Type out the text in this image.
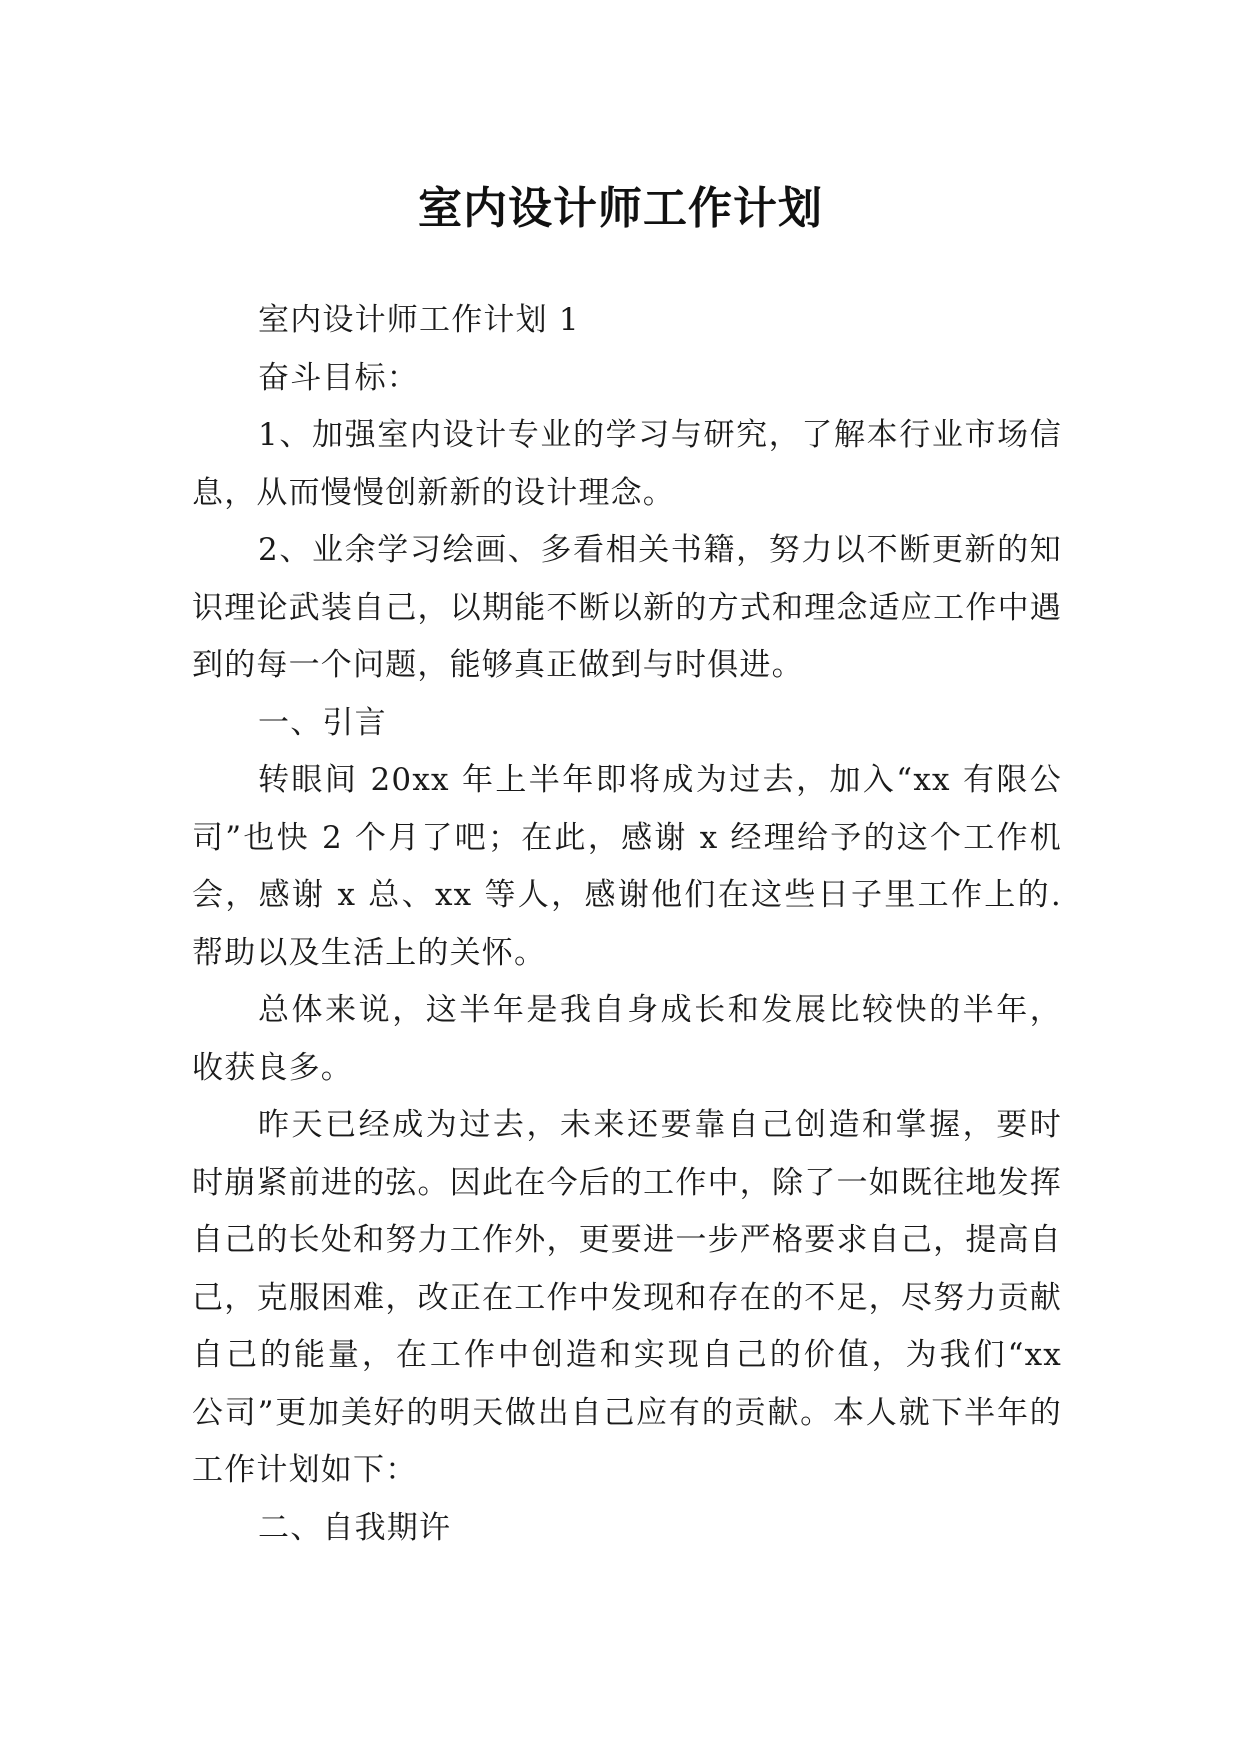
室内设计师工作计划

室内设计师工作计划 1

奋斗目标：

1、加强室内设计专业的学习与研究，了解本行业市场信息，从而慢慢创新新的设计理念。

2、业余学习绘画、多看相关书籍，努力以不断更新的知识理论武装自己，以期能不断以新的方式和理念适应工作中遇到的每一个问题，能够真正做到与时俱进。

一、引言

转眼间 20xx 年上半年即将成为过去，加入“xx 有限公司”也快 2 个月了吧；在此，感谢 x 经理给予的这个工作机会，感谢 x 总、xx 等人，感谢他们在这些日子里工作上的.帮助以及生活上的关怀。

总体来说，这半年是我自身成长和发展比较快的半年，收获良多。

昨天已经成为过去，未来还要靠自己创造和掌握，要时时崩紧前进的弦。因此在今后的工作中，除了一如既往地发挥自己的长处和努力工作外，更要进一步严格要求自己，提高自己，克服困难，改正在工作中发现和存在的不足，尽努力贡献自己的能量，在工作中创造和实现自己的价值，为我们“xx 公司”更加美好的明天做出自己应有的贡献。本人就下半年的工作计划如下：

二、自我期许
